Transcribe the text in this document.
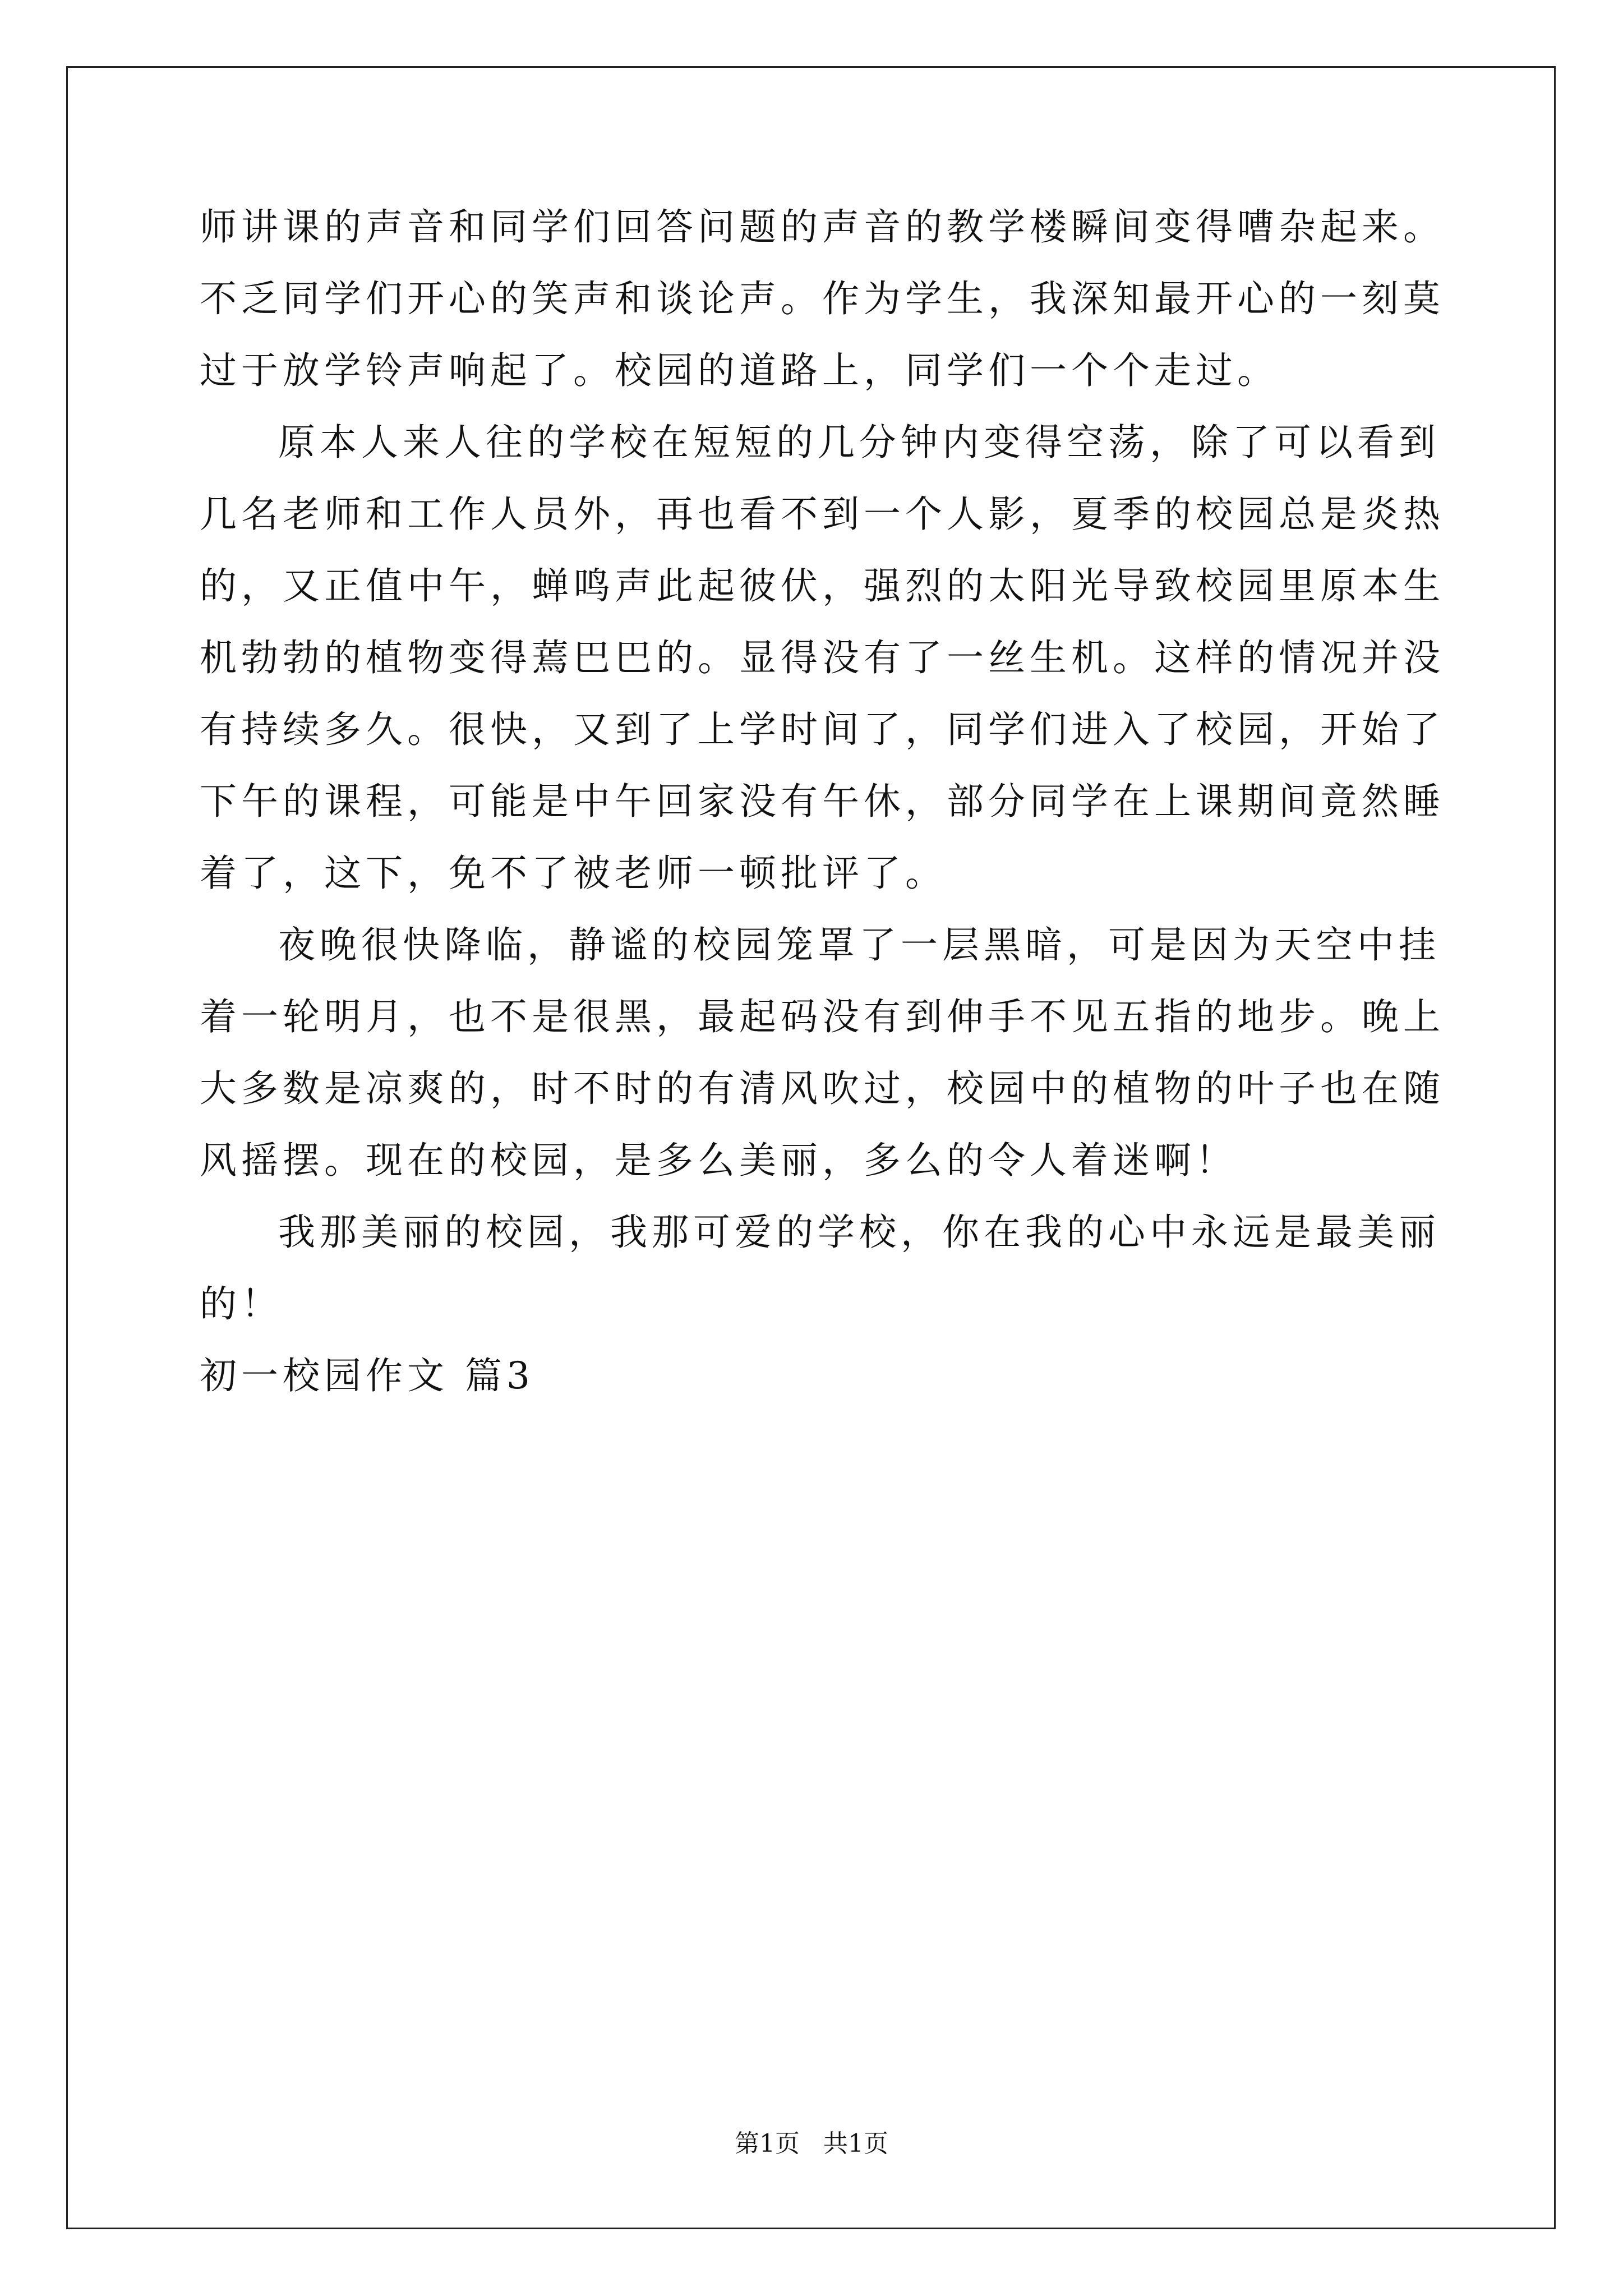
师讲课的声音和同学们回答问题的声音的教学楼瞬间变得嘈杂起来。
不乏同学们开心的笑声和谈论声。作为学生，我深知最开心的一刻莫
过于放学铃声响起了。校园的道路上，同学们一个个走过。
原本人来人往的学校在短短的几分钟内变得空荡，除了可以看到
几名老师和工作人员外，再也看不到一个人影，夏季的校园总是炎热
的，又正值中午，蝉鸣声此起彼伏，强烈的太阳光导致校园里原本生
机勃勃的植物变得蔫巴巴的。显得没有了一丝生机。这样的情况并没
有持续多久。很快，又到了上学时间了，同学们进入了校园，开始了
下午的课程，可能是中午回家没有午休，部分同学在上课期间竟然睡
着了，这下，免不了被老师一顿批评了。
夜晚很快降临，静谧的校园笼罩了一层黑暗，可是因为天空中挂
着一轮明月，也不是很黑，最起码没有到伸手不见五指的地步。晚上
大多数是凉爽的，时不时的有清风吹过，校园中的植物的叶子也在随
风摇摆。现在的校园，是多么美丽，多么的令人着迷啊！
我那美丽的校园，我那可爱的学校，你在我的心中永远是最美丽
的！
初一校园作文 篇3
第1页   共1页
